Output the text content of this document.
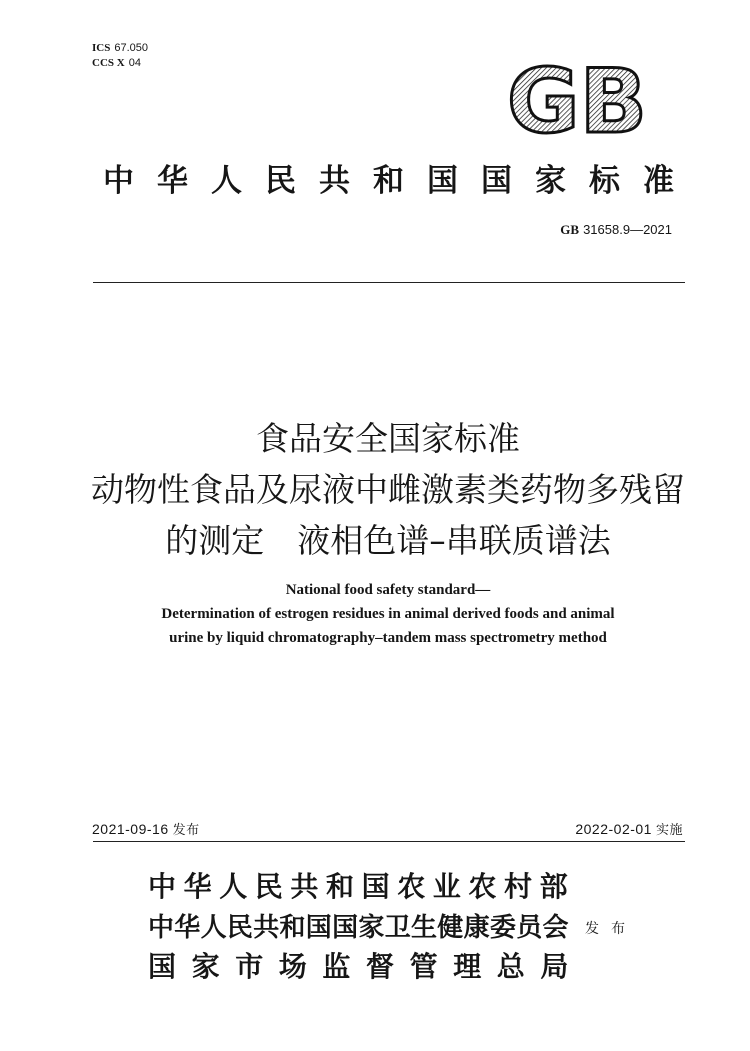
ICS 67.050
CCS X 04	GB
中华人民共和国国家标准
GB 31658.9—2021
食品安全国家标准
动物性食品及尿液中雌激素类药物多残留
的测定　液相色谱–串联质谱法
National food safety standard—
Determination of estrogen residues in animal derived foods and animal
urine by liquid chromatography–tandem mass spectrometry method
2021-09-16 发布	2022-02-01 实施
中华人民共和国农业农村部
中华人民共和国国家卫生健康委员会 发布
国家市场监督管理总局
